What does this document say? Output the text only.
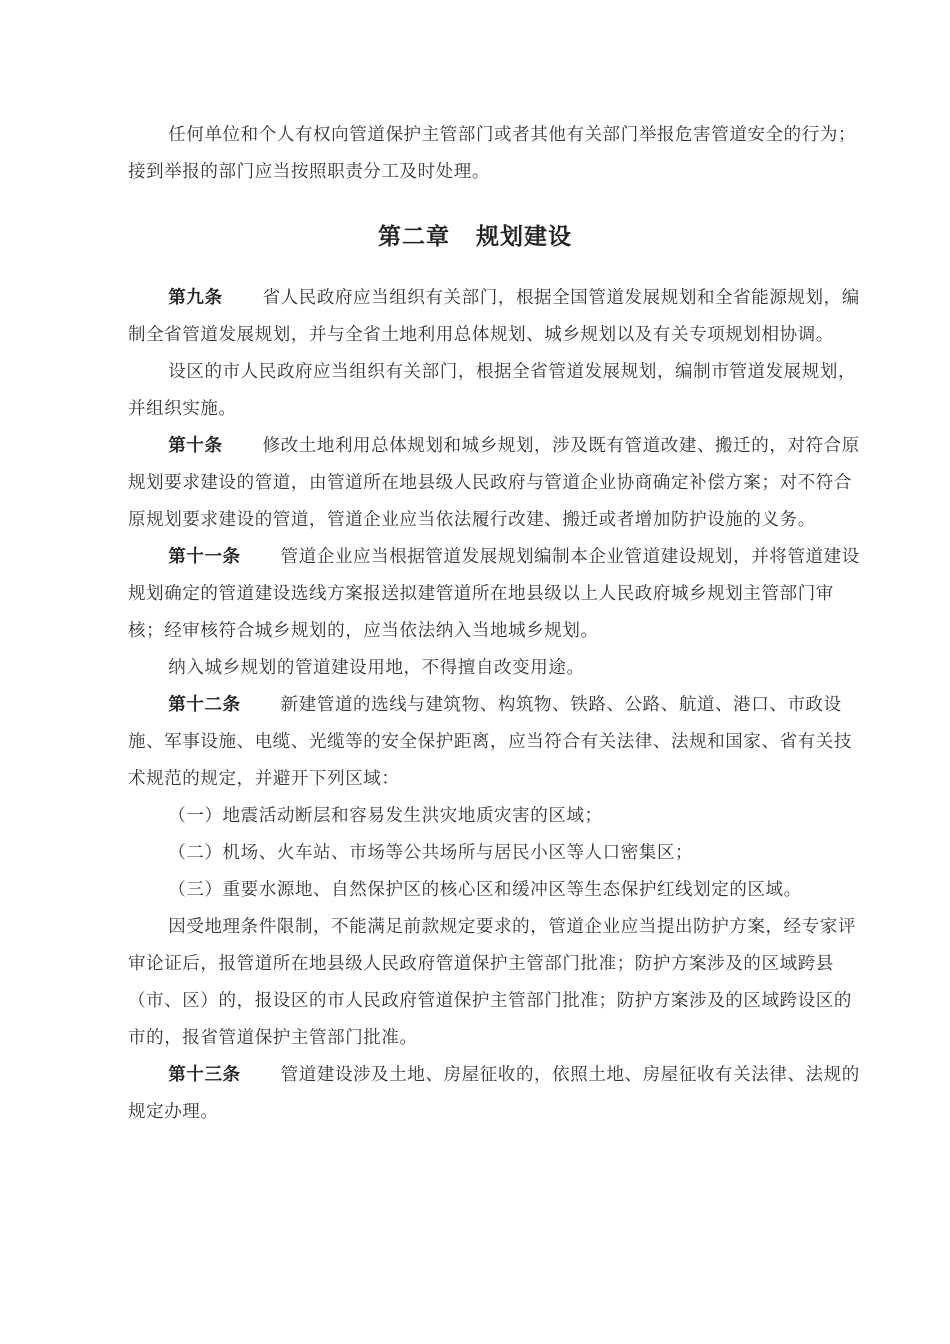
任何单位和个人有权向管道保护主管部门或者其他有关部门举报危害管道安全的行为；接到举报的部门应当按照职责分工及时处理。

第二章 规划建设

第九条 省人民政府应当组织有关部门，根据全国管道发展规划和全省能源规划，编制全省管道发展规划，并与全省土地利用总体规划、城乡规划以及有关专项规划相协调。

设区的市人民政府应当组织有关部门，根据全省管道发展规划，编制市管道发展规划，并组织实施。

第十条 修改土地利用总体规划和城乡规划，涉及既有管道改建、搬迁的，对符合原规划要求建设的管道，由管道所在地县级人民政府与管道企业协商确定补偿方案；对不符合原规划要求建设的管道，管道企业应当依法履行改建、搬迁或者增加防护设施的义务。

第十一条 管道企业应当根据管道发展规划编制本企业管道建设规划，并将管道建设规划确定的管道建设选线方案报送拟建管道所在地县级以上人民政府城乡规划主管部门审核；经审核符合城乡规划的，应当依法纳入当地城乡规划。

纳入城乡规划的管道建设用地，不得擅自改变用途。

第十二条 新建管道的选线与建筑物、构筑物、铁路、公路、航道、港口、市政设施、军事设施、电缆、光缆等的安全保护距离，应当符合有关法律、法规和国家、省有关技术规范的规定，并避开下列区域：

（一）地震活动断层和容易发生洪灾地质灾害的区域；

（二）机场、火车站、市场等公共场所与居民小区等人口密集区；

（三）重要水源地、自然保护区的核心区和缓冲区等生态保护红线划定的区域。

因受地理条件限制，不能满足前款规定要求的，管道企业应当提出防护方案，经专家评审论证后，报管道所在地县级人民政府管道保护主管部门批准；防护方案涉及的区域跨县（市、区）的，报设区的市人民政府管道保护主管部门批准；防护方案涉及的区域跨设区的市的，报省管道保护主管部门批准。

第十三条 管道建设涉及土地、房屋征收的，依照土地、房屋征收有关法律、法规的规定办理。
